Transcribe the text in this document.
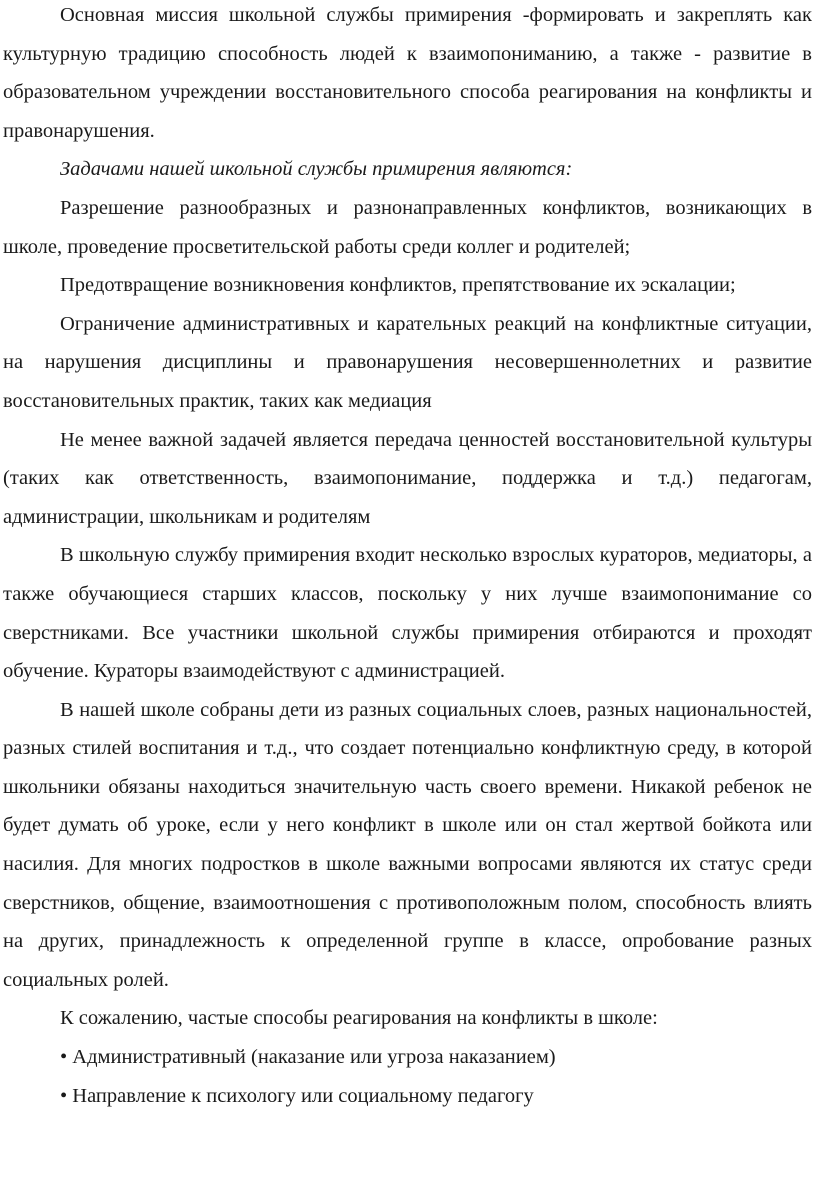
Основная миссия школьной службы примирения -формировать и закреплять как культурную традицию способность людей к взаимопониманию, а также - развитие в образовательном учреждении восстановительного способа реагирования на конфликты и правонарушения.

Задачами нашей школьной службы примирения являются:

Разрешение разнообразных и разнонаправленных конфликтов, возникающих в школе, проведение просветительской работы среди коллег и родителей;

Предотвращение возникновения конфликтов, препятствование их эскалации;

Ограничение административных и карательных реакций на конфликтные ситуации, на нарушения дисциплины и правонарушения несовершеннолетних и развитие восстановительных практик, таких как медиация

Не менее важной задачей является передача ценностей восстановительной культуры (таких как ответственность, взаимопонимание, поддержка и т.д.) педагогам, администрации, школьникам и родителям

В школьную службу примирения входит несколько взрослых кураторов, медиаторы, а также обучающиеся старших классов, поскольку у них лучше взаимопонимание со сверстниками. Все участники школьной службы примирения отбираются и проходят обучение. Кураторы взаимодействуют с администрацией.

В нашей школе собраны дети из разных социальных слоев, разных национальностей, разных стилей воспитания и т.д., что создает потенциально конфликтную среду, в которой школьники обязаны находиться значительную часть своего времени. Никакой ребенок не будет думать об уроке, если у него конфликт в школе или он стал жертвой бойкота или насилия. Для многих подростков в школе важными вопросами являются их статус среди сверстников, общение, взаимоотношения с противоположным полом, способность влиять на других, принадлежность к определенной группе в классе, опробование разных социальных ролей.

К сожалению, частые способы реагирования на конфликты в школе:

• Административный (наказание или угроза наказанием)

• Направление к психологу или социальному педагогу
